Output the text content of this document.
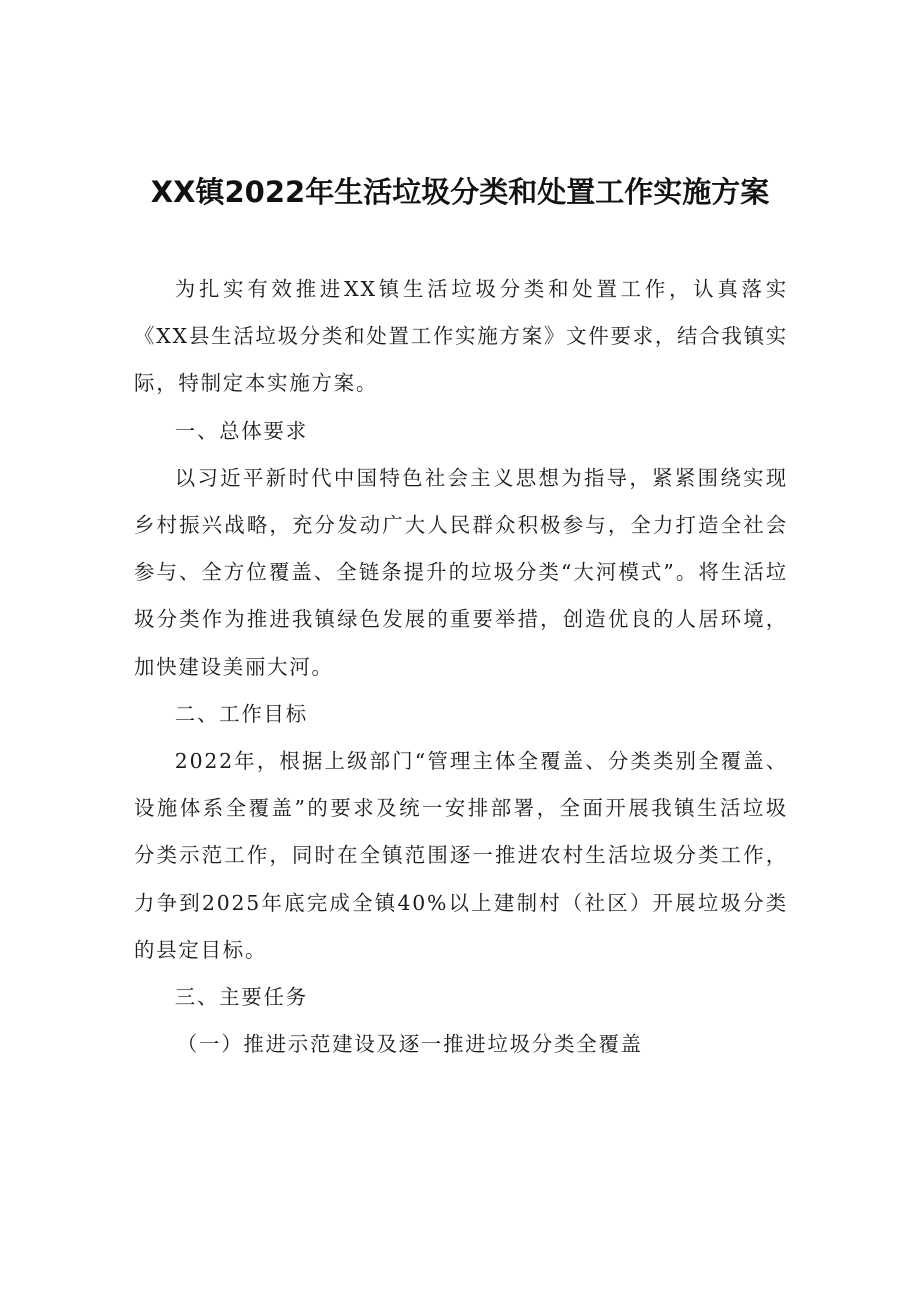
XX镇2022年生活垃圾分类和处置工作实施方案

为扎实有效推进XX镇生活垃圾分类和处置工作，认真落实《XX县生活垃圾分类和处置工作实施方案》文件要求，结合我镇实际，特制定本实施方案。

一、总体要求

以习近平新时代中国特色社会主义思想为指导，紧紧围绕实现乡村振兴战略，充分发动广大人民群众积极参与，全力打造全社会参与、全方位覆盖、全链条提升的垃圾分类“大河模式”。将生活垃圾分类作为推进我镇绿色发展的重要举措，创造优良的人居环境，加快建设美丽大河。

二、工作目标

2022年，根据上级部门“管理主体全覆盖、分类类别全覆盖、设施体系全覆盖”的要求及统一安排部署，全面开展我镇生活垃圾分类示范工作，同时在全镇范围逐一推进农村生活垃圾分类工作，力争到2025年底完成全镇40%以上建制村（社区）开展垃圾分类的县定目标。

三、主要任务

（一）推进示范建设及逐一推进垃圾分类全覆盖
